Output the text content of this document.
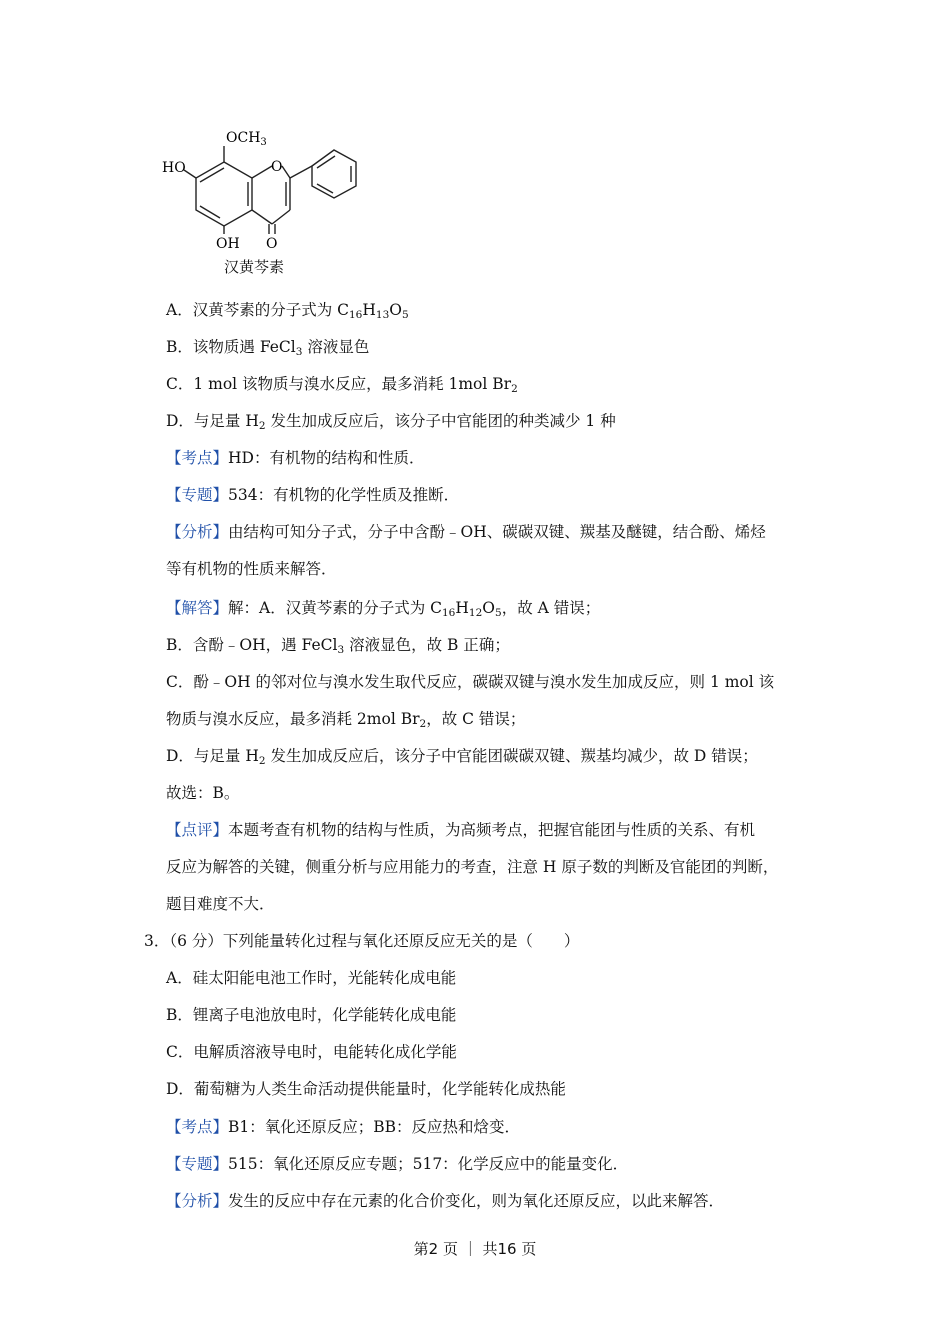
$OCH_3$
HO	O
OH O
汉黄芩素
A．汉黄芩素的分子式为 $C_{16}H_{13}O_5$
B．该物质遇 FeCl$_3$ 溶液显色
C．1 mol 该物质与溴水反应，最多消耗 1mol $Br_2$
D．与足量 $H_2$ 发生加成反应后，该分子中官能团的种类减少 1 种
【考点】HD：有机物的结构和性质．
【专题】534：有机物的化学性质及推断．
【分析】由结构可知分子式，分子中含酚﹣OH、碳碳双键、羰基及醚键，结合酚、烯烃
等有机物的性质来解答．
【解答】解：A．汉黄芩素的分子式为 $C_{16}H_{12}O_5$，故 A 错误；
B．含酚﹣OH，遇 FeCl$_3$ 溶液显色，故 B 正确；
C．酚﹣OH 的邻对位与溴水发生取代反应，碳碳双键与溴水发生加成反应，则 1 mol 该
物质与溴水反应，最多消耗 2mol $Br_2$，故 C 错误；
D．与足量 $H_2$ 发生加成反应后，该分子中官能团碳碳双键、羰基均减少，故 D 错误；
故选：B。
【点评】本题考查有机物的结构与性质，为高频考点，把握官能团与性质的关系、有机
反应为解答的关键，侧重分析与应用能力的考查，注意 H 原子数的判断及官能团的判断，
题目难度不大．
3．（6 分）下列能量转化过程与氧化还原反应无关的是（　　）
A．硅太阳能电池工作时，光能转化成电能
B．锂离子电池放电时，化学能转化成电能
C．电解质溶液导电时，电能转化成化学能
D．葡萄糖为人类生命活动提供能量时，化学能转化成热能
【考点】B1：氧化还原反应；BB：反应热和焓变．
【专题】515：氧化还原反应专题；517：化学反应中的能量变化．
【分析】发生的反应中存在元素的化合价变化，则为氧化还原反应，以此来解答．
第2 页 ｜ 共16 页
